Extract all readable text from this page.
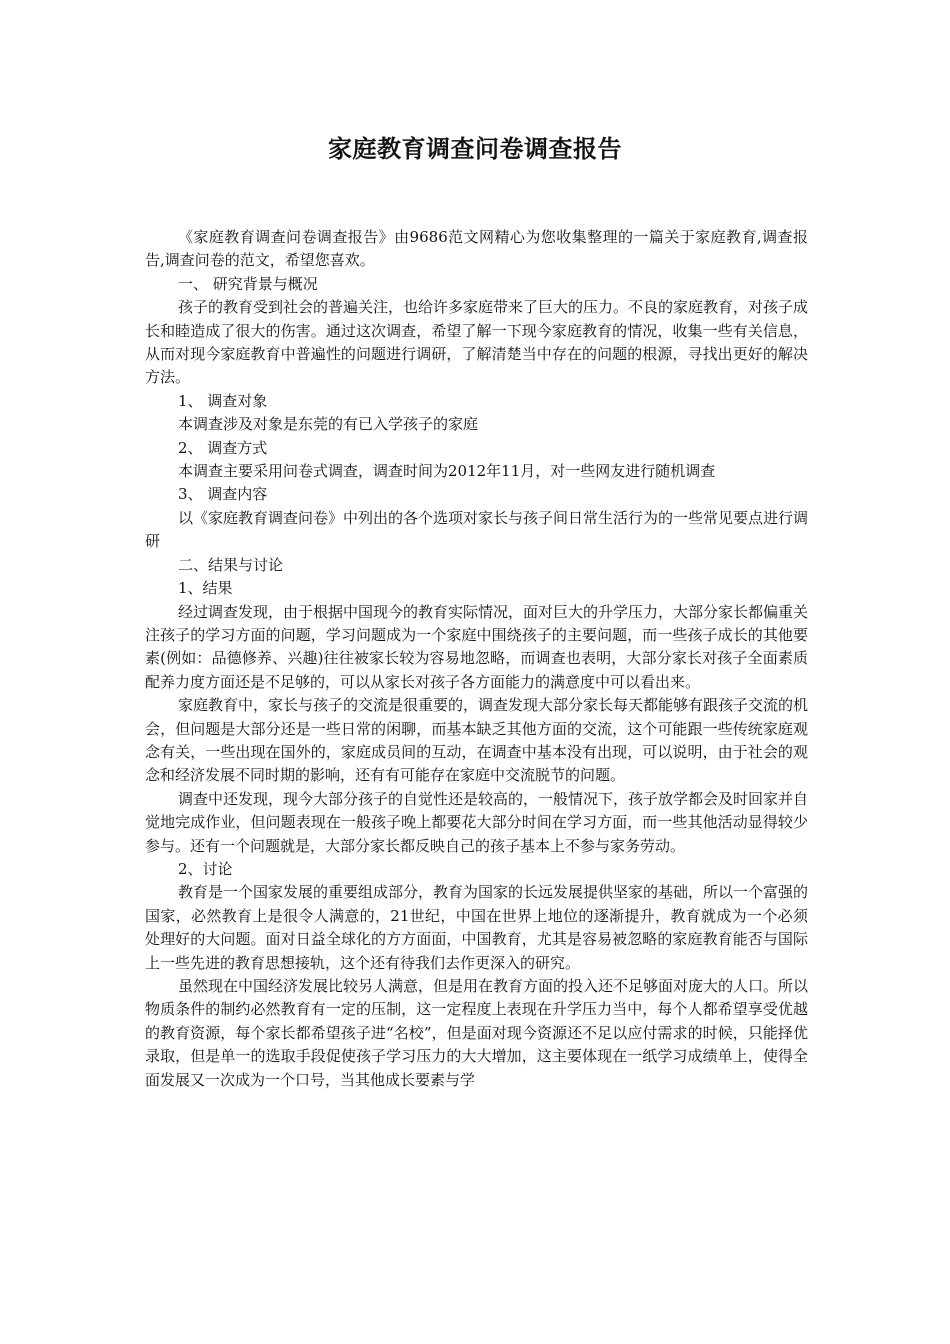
家庭教育调查问卷调查报告

《家庭教育调查问卷调查报告》由9686范文网精心为您收集整理的一篇关于家庭教育,调查报告,调查问卷的范文，希望您喜欢。

一、 研究背景与概况

孩子的教育受到社会的普遍关注，也给许多家庭带来了巨大的压力。不良的家庭教育，对孩子成长和睦造成了很大的伤害。通过这次调查，希望了解一下现今家庭教育的情况，收集一些有关信息，从而对现今家庭教育中普遍性的问题进行调研，了解清楚当中存在的问题的根源，寻找出更好的解决方法。

1、 调查对象

本调查涉及对象是东莞的有已入学孩子的家庭

2、 调查方式

本调查主要采用问卷式调查，调查时间为2012年11月，对一些网友进行随机调查

3、 调查内容

以《家庭教育调查问卷》中列出的各个选项对家长与孩子间日常生活行为的一些常见要点进行调研

二、结果与讨论

1、结果

经过调查发现，由于根据中国现今的教育实际情况，面对巨大的升学压力，大部分家长都偏重关注孩子的学习方面的问题，学习问题成为一个家庭中围绕孩子的主要问题，而一些孩子成长的其他要素(例如：品德修养、兴趣)往往被家长较为容易地忽略，而调查也表明，大部分家长对孩子全面素质配养力度方面还是不足够的，可以从家长对孩子各方面能力的满意度中可以看出来。

家庭教育中，家长与孩子的交流是很重要的，调查发现大部分家长每天都能够有跟孩子交流的机会，但问题是大部分还是一些日常的闲聊，而基本缺乏其他方面的交流，这个可能跟一些传统家庭观念有关，一些出现在国外的，家庭成员间的互动，在调查中基本没有出现，可以说明，由于社会的观念和经济发展不同时期的影响，还有有可能存在家庭中交流脱节的问题。

调查中还发现，现今大部分孩子的自觉性还是较高的，一般情况下，孩子放学都会及时回家并自觉地完成作业，但问题表现在一般孩子晚上都要花大部分时间在学习方面，而一些其他活动显得较少参与。还有一个问题就是，大部分家长都反映自己的孩子基本上不参与家务劳动。

2、讨论

教育是一个国家发展的重要组成部分，教育为国家的长远发展提供坚家的基础，所以一个富强的国家，必然教育上是很令人满意的，21世纪，中国在世界上地位的逐渐提升，教育就成为一个必须处理好的大问题。面对日益全球化的方方面面，中国教育，尤其是容易被忽略的家庭教育能否与国际上一些先进的教育思想接轨，这个还有待我们去作更深入的研究。

虽然现在中国经济发展比较另人满意，但是用在教育方面的投入还不足够面对庞大的人口。所以物质条件的制约必然教育有一定的压制，这一定程度上表现在升学压力当中，每个人都希望享受优越的教育资源，每个家长都希望孩子进“名校”，但是面对现今资源还不足以应付需求的时候，只能择优录取，但是单一的选取手段促使孩子学习压力的大大增加，这主要体现在一纸学习成绩单上，使得全面发展又一次成为一个口号，当其他成长要素与学
